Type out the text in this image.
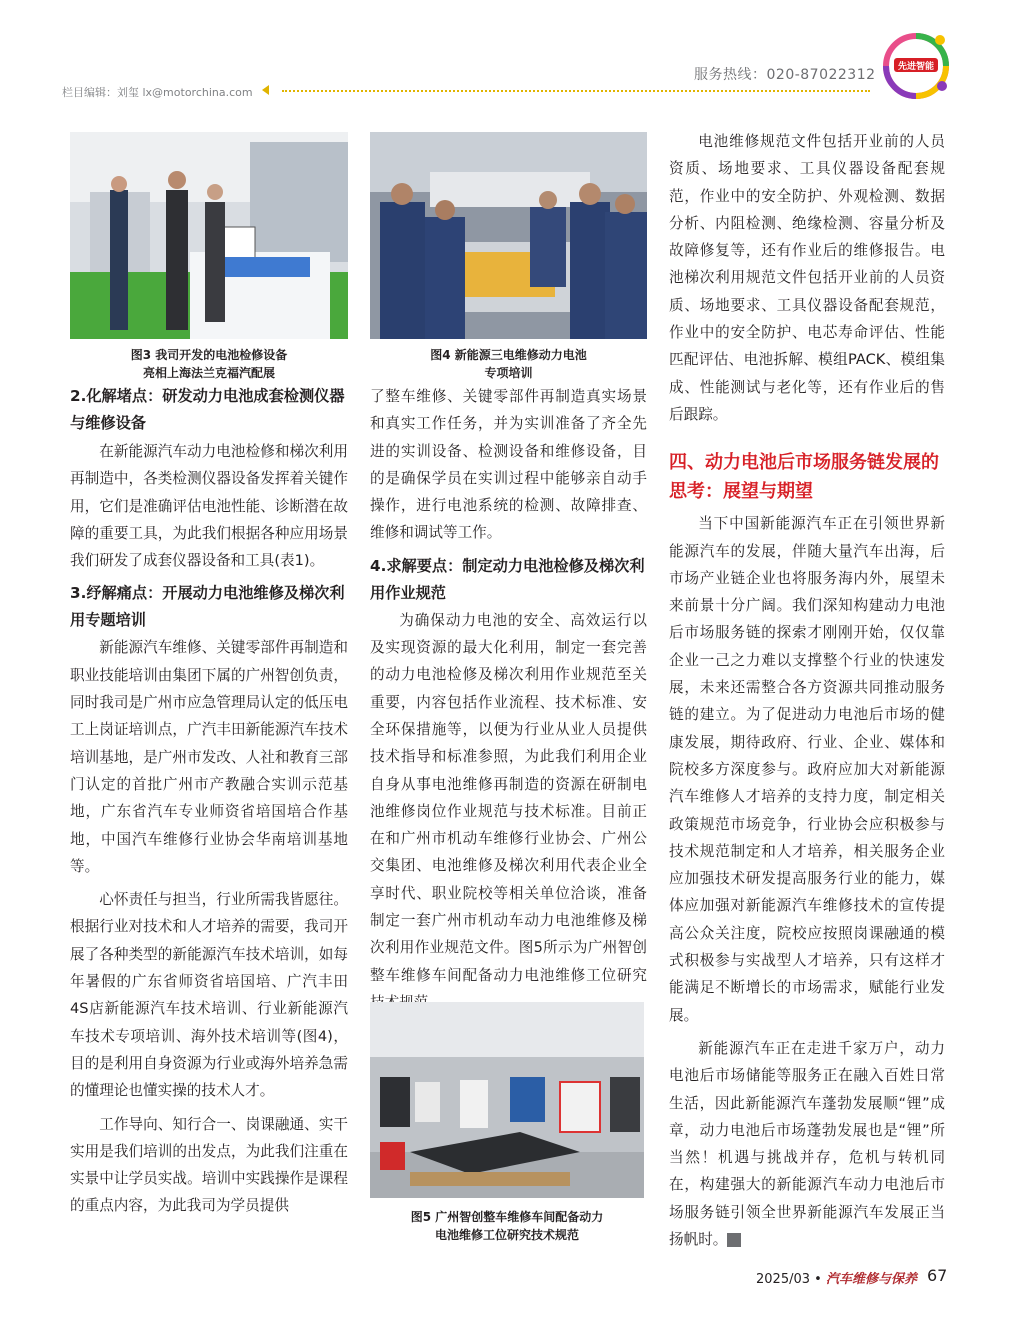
服务热线：020-87022312
栏目编辑：刘玺 lx@motorchina.com
先进智能
图3 我司开发的电池检修设备
亮相上海法兰克福汽配展
图4 新能源三电维修动力电池
专项培训
2.化解堵点：研发动力电池成套检测仪器与维修设备

在新能源汽车动力电池检修和梯次利用再制造中，各类检测仪器设备发挥着关键作用，它们是准确评估电池性能、诊断潜在故障的重要工具，为此我们根据各种应用场景我们研发了成套仪器设备和工具(表1)。

3.纾解痛点：开展动力电池维修及梯次利用专题培训

新能源汽车维修、关键零部件再制造和职业技能培训由集团下属的广州智创负责，同时我司是广州市应急管理局认定的低压电工上岗证培训点，广汽丰田新能源汽车技术培训基地，是广州市发改、人社和教育三部门认定的首批广州市产教融合实训示范基地，广东省汽车专业师资省培国培合作基地，中国汽车维修行业协会华南培训基地等。

心怀责任与担当，行业所需我皆愿往。根据行业对技术和人才培养的需要，我司开展了各种类型的新能源汽车技术培训，如每年暑假的广东省师资省培国培、广汽丰田4S店新能源汽车技术培训、行业新能源汽车技术专项培训、海外技术培训等(图4)，目的是利用自身资源为行业或海外培养急需的懂理论也懂实操的技术人才。

工作导向、知行合一、岗课融通、实干实用是我们培训的出发点，为此我们注重在实景中让学员实战。培训中实践操作是课程的重点内容，为此我司为学员提供

了整车维修、关键零部件再制造真实场景和真实工作任务，并为实训准备了齐全先进的实训设备、检测设备和维修设备，目的是确保学员在实训过程中能够亲自动手操作，进行电池系统的检测、故障排查、维修和调试等工作。

4.求解要点：制定动力电池检修及梯次利用作业规范

为确保动力电池的安全、高效运行以及实现资源的最大化利用，制定一套完善的动力电池检修及梯次利用作业规范至关重要，内容包括作业流程、技术标准、安全环保措施等，以便为行业从业人员提供技术指导和标准参照，为此我们利用企业自身从事电池维修再制造的资源在研制电池维修岗位作业规范与技术标准。目前正在和广州市机动车维修行业协会、广州公交集团、电池维修及梯次利用代表企业全享时代、职业院校等相关单位洽谈，准备制定一套广州市机动车动力电池维修及梯次利用作业规范文件。图5所示为广州智创整车维修车间配备动力电池维修工位研究

图5 广州智创整车维修车间配备动力
电池维修工位研究技术规范

电池维修规范文件包括开业前的人员资质、场地要求、工具仪器设备配套规范，作业中的安全防护、外观检测、数据分析、内阻检测、绝缘检测、容量分析及故障修复等，还有作业后的维修报告。电池梯次利用规范文件包括开业前的人员资质、场地要求、工具仪器设备配套规范，作业中的安全防护、电芯寿命评估、性能匹配评估、电池拆解、模组PACK、模组集成、性能测试与老化等，还有作业后的售后跟踪。

四、动力电池后市场服务链发展的思考：展望与期望

当下中国新能源汽车正在引领世界新能源汽车的发展，伴随大量汽车出海，后市场产业链企业也将服务海内外，展望未来前景十分广阔。我们深知构建动力电池后市场服务链的探索才刚刚开始，仅仅靠企业一己之力难以支撑整个行业的快速发展，未来还需整合各方资源共同推动服务链的建立。为了促进动力电池后市场的健康发展，期待政府、行业、企业、媒体和院校多方深度参与。政府应加大对新能源汽车维修人才培养的支持力度，制定相关政策规范市场竞争，行业协会应积极参与技术规范制定和人才培养，相关服务企业应加强技术研发提高服务行业的能力，媒体应加强对新能源汽车维修技术的宣传提高公众关注度，院校应按照岗课融通的模式积极参与实战型人才培养，只有这样才能满足不断增长的市场需求，赋能行业发展。

新能源汽车正在走进千家万户，动力电池后市场储能等服务正在融入百姓日常生活，因此新能源汽车蓬勃发展顺“锂”成章，动力电池后市场蓬勃发展也是“锂”所当然！机遇与挑战并存，危机与转机同在，构建强大的新能源汽车动力电池后市场服务链引领全世界新能源汽车发展正当扬帆时。	M

2025/03 • 汽车维修与保养 67
